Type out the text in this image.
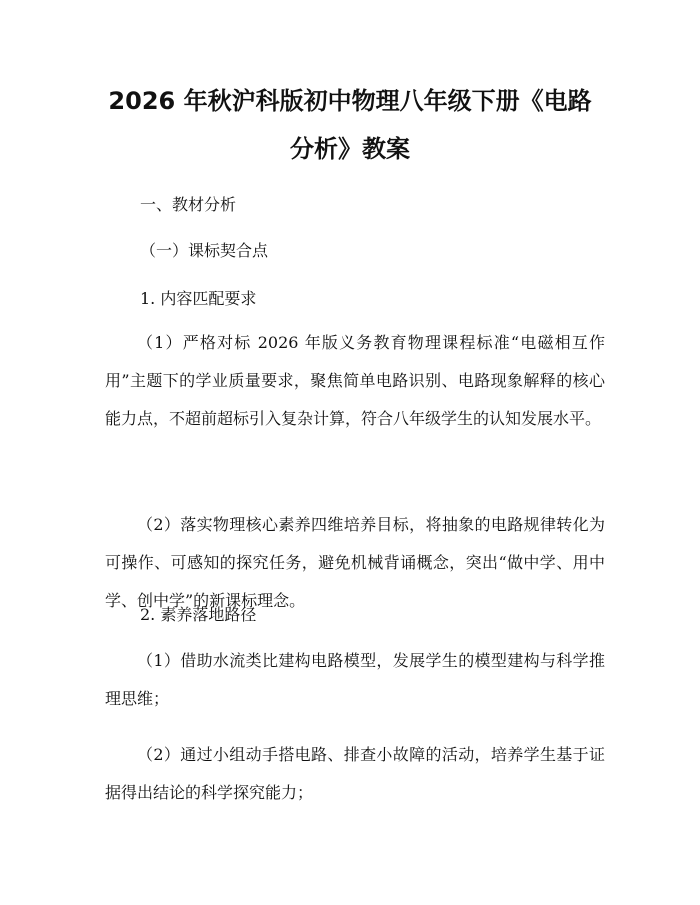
2026 年秋沪科版初中物理八年级下册《电路
分析》教案
一、教材分析
（一）课标契合点
1. 内容匹配要求
（1）严格对标 2026 年版义务教育物理课程标准“电磁相互作用”主题下的学业质量要求，聚焦简单电路识别、电路现象解释的核心能力点，不超前超标引入复杂计算，符合八年级学生的认知发展水平。
（2）落实物理核心素养四维培养目标，将抽象的电路规律转化为可操作、可感知的探究任务，避免机械背诵概念，突出“做中学、用中学、创中学”的新课标理念。
2. 素养落地路径
（1）借助水流类比建构电路模型，发展学生的模型建构与科学推理思维；
（2）通过小组动手搭电路、排查小故障的活动，培养学生基于证据得出结论的科学探究能力；
